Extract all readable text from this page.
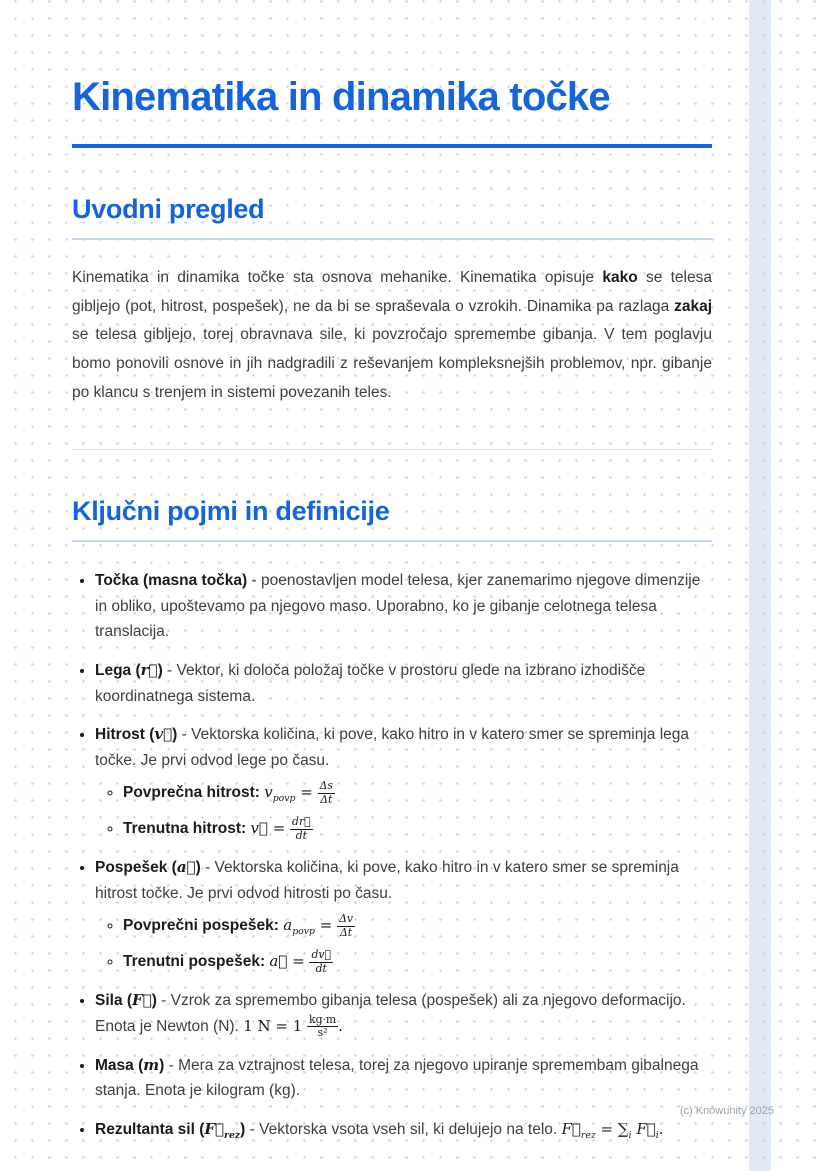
Kinematika in dinamika točke
Uvodni pregled

Kinematika in dinamika točke sta osnova mehanike. Kinematika opisuje kako se telesa gibljejo (pot, hitrost, pospešek), ne da bi se spraševala o vzrokih. Dinamika pa razlaga zakaj se telesa gibljejo, torej obravnava sile, ki povzročajo spremembe gibanja. V tem poglavju bomo ponovili osnove in jih nadgradili z reševanjem kompleksnejših problemov, npr. gibanje po klancu s trenjem in sistemi povezanih teles.

Ključni pojmi in definicije

• Točka (masna točka) - poenostavljen model telesa, kjer zanemarimo njegove dimenzije in obliko, upoštevamo pa njegovo maso. Uporabno, ko je gibanje celotnega telesa translacija.

• Lega (r⃗) - Vektor, ki določa položaj točke v prostoru glede na izbrano izhodišče koordinatnega sistema.

• Hitrost (v⃗) - Vektorska količina, ki pove, kako hitro in v katero smer se spreminja lega točke. Je prvi odvod lege po času.

◦ Povprečna hitrost: $v_{povp} = \frac{\Delta s}{\Delta t}$

◦ Trenutna hitrost: v⃗ = $\frac{dr⃗}{dt}$

• Pospešek (a⃗) - Vektorska količina, ki pove, kako hitro in v katero smer se spreminja hitrost točke. Je prvi odvod hitrosti po času.

◦ Povprečni pospešek: $a_{povp} = \frac{\Delta v}{\Delta t}$

◦ Trenutni pospešek: a⃗ = $\frac{dv⃗}{dt}$

• Sila (F⃗) - Vzrok za spremembo gibanja telesa (pospešek) ali za njegovo deformacijo. Enota je Newton (N). 1 $N = 1 \frac{kg\cdot m}{\text{s²}}$ .

• Masa (m) - Mera za vztrajnost telesa, torej za njegovo upiranje spremembam gibalnega stanja. Enota je kilogram (kg).

• Rezultanta sil $(F⃗_{rez})$ - Vektorska vsota vseh sil, ki delujejo na telo. $F⃗_{rez} = \sum_i$ $F⃗_i$.

(c) Knowunity 2025
